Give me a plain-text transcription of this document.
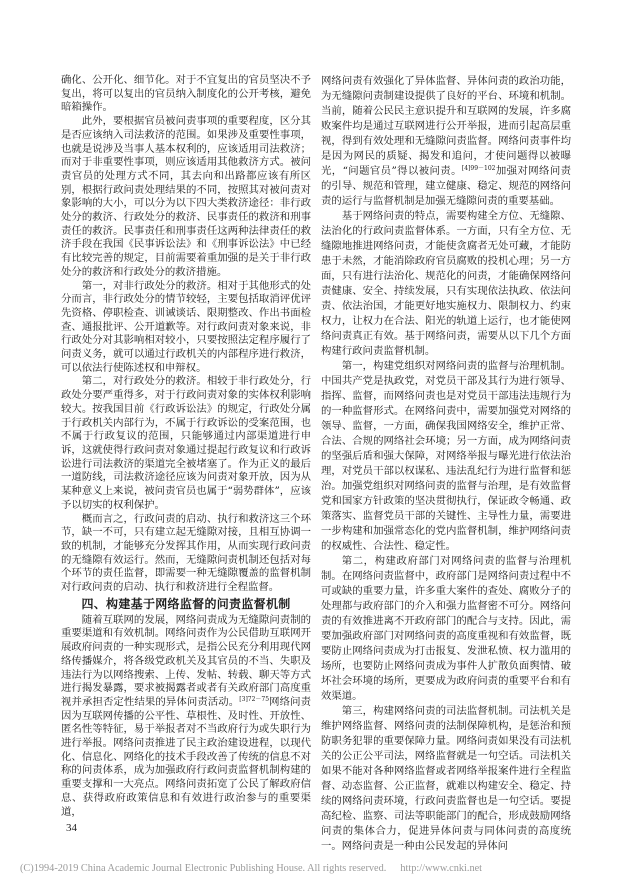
确化、公开化、细节化。对于不宜复出的官员坚决不予复出，将可以复出的官员纳入制度化的公开考核，避免暗箱操作。

此外，要根据官员被问责事项的重要程度，区分其是否应该纳入司法救济的范围。如果涉及重要性事项，也就是说涉及当事人基本权利的，应该适用司法救济；而对于非重要性事项，则应该适用其他救济方式。被问责官员的处理方式不同，其去向和出路都应该有所区别，根据行政问责处理结果的不同，按照其对被问责对象影响的大小，可以分为以下四大类救济途径：非行政处分的救济、行政处分的救济、民事责任的救济和刑事责任的救济。民事责任和刑事责任这两种法律责任的救济手段在我国《民事诉讼法》和《刑事诉讼法》中已经有比较完善的规定，目前需要着重加强的是关于非行政处分的救济和行政处分的救济措施。

第一，对非行政处分的救济。相对于其他形式的处分而言，非行政处分的情节较轻，主要包括取消评优评先资格、停职检查、训诫谈话、限期整改、作出书面检查、通报批评、公开道歉等。对行政问责对象来说，非行政处分对其影响相对较小，只要按照法定程序履行了问责义务，就可以通过行政机关的内部程序进行救济，可以依法行使陈述权和申辩权。

第二，对行政处分的救济。相较于非行政处分，行政处分要严重得多，对于行政问责对象的实体权利影响较大。按我国目前《行政诉讼法》的规定，行政处分属于行政机关内部行为，不属于行政诉讼的受案范围，也不属于行政复议的范围，只能够通过内部渠道进行申诉，这就使得行政问责对象通过提起行政复议和行政诉讼进行司法救济的渠道完全被堵塞了。作为正义的最后一道防线，司法救济途径应该为问责对象开放，因为从某种意义上来说，被问责官员也属于“弱势群体”，应该予以切实的权利保护。

概而言之，行政问责的启动、执行和救济这三个环节，缺一不可，只有建立起无缝隙对接，且相互协调一致的机制，才能够充分发挥其作用，从而实现行政问责的无缝隙有效运行。然而，无缝隙问责机制还包括对每个环节的责任监督，即需要一种无缝隙覆盖的监督机制对行政问责的启动、执行和救济进行全程监督。

四、构建基于网络监督的问责监督机制

随着互联网的发展，网络问责成为无缝隙问责制的重要渠道和有效机制。网络问责作为公民借助互联网开展政府问责的一种实现形式，是指公民充分利用现代网络传播媒介，将各级党政机关及其官员的不当、失职及违法行为以网络搜索、上传、发帖、转载、聊天等方式进行揭发暴露，要求被揭露者或者有关政府部门高度重视并承担否定性结果的异体问责活动。$^{[3]72-75}$网络问责因为互联网传播的公平性、草根性、及时性、开放性、匿名性等特征，易于举报者对不当政府行为或失职行为进行举报。网络问责推进了民主政治建设进程，以现代化、信息化、网络化的技术手段改善了传统的信息不对称的问责体系，成为加强政府行政问责监督机制构建的重要支撑和一大亮点。网络问责拓宽了公民了解政府信息、获得政府政策信息和有效进行政治参与的重要渠道，

网络问责有效强化了异体监督、异体问责的政治功能，为无缝隙问责制建设提供了良好的平台、环境和机制。当前，随着公民民主意识提升和互联网的发展，许多腐败案件均是通过互联网进行公开举报，进而引起高层重视，得到有效处理和无缝隙问责监督。网络问责事件均是因为网民的质疑、揭发和追问，才使问题得以被曝光，“问题官员”得以被问责。$^{[4]99-102}$加强对网络问责的引导、规范和管理，建立健康、稳定、规范的网络问责的运行与监督机制是加强无缝隙问责的重要基础。

基于网络问责的特点，需要构建全方位、无缝隙、法治化的行政问责监督体系。一方面，只有全方位、无缝隙地推进网络问责，才能使贪腐者无处可藏，才能防患于未然，才能消除政府官员腐败的投机心理；另一方面，只有进行法治化、规范化的问责，才能确保网络问责健康、安全、持续发展，只有实现依法执政、依法问责、依法治国，才能更好地实施权力、限制权力、约束权力，让权力在合法、阳光的轨道上运行，也才能使网络问责真正有效。基于网络问责，需要从以下几个方面构建行政问责监督机制。

第一，构建党组织对网络问责的监督与治理机制。中国共产党是执政党，对党员干部及其行为进行领导、指挥、监督，而网络问责也是对党员干部违法违规行为的一种监督形式。在网络问责中，需要加强党对网络的领导、监督，一方面，确保我国网络安全，维护正常、合法、合规的网络社会环境；另一方面，成为网络问责的坚强后盾和强大保障，对网络举报与曝光进行依法治理，对党员干部以权谋私、违法乱纪行为进行监督和惩治。加强党组织对网络问责的监督与治理，是有效监督党和国家方针政策的坚决贯彻执行，保证政令畅通、政策落实、监督党员干部的关键性、主导性力量，需要进一步构建和加强常态化的党内监督机制，维护网络问责的权威性、合法性、稳定性。

第二，构建政府部门对网络问责的监督与治理机制。在网络问责监督中，政府部门是网络问责过程中不可或缺的重要力量，许多重大案件的查处、腐败分子的处理都与政府部门的介入和强力监督密不可分。网络问责的有效推进离不开政府部门的配合与支持。因此，需要加强政府部门对网络问责的高度重视和有效监督，既要防止网络问责成为打击报复、发泄私愤、权力滥用的场所，也要防止网络问责成为事件人扩散负面舆情、破坏社会环境的场所，更要成为政府问责的重要平台和有效渠道。

第三，构建网络问责的司法监督机制。司法机关是维护网络监督、网络问责的法制保障机构，是惩治和预防职务犯罪的重要保障力量。网络问责如果没有司法机关的公正公平司法，网络监督就是一句空话。司法机关如果不能对各种网络监督或者网络举报案件进行全程监督、动态监督、公正监督，就难以构建安全、稳定、持续的网络问责环境，行政问责监督也是一句空话。要提高纪检、监察、司法等职能部门的配合，形成鼓励网络问责的集体合力，促进异体问责与同体问责的高度统一。网络问责是一种由公民发起的异体问

34
(C)1994-2019 China Academic Journal Electronic Publishing House. All rights reserved. http://www.cnki.net
